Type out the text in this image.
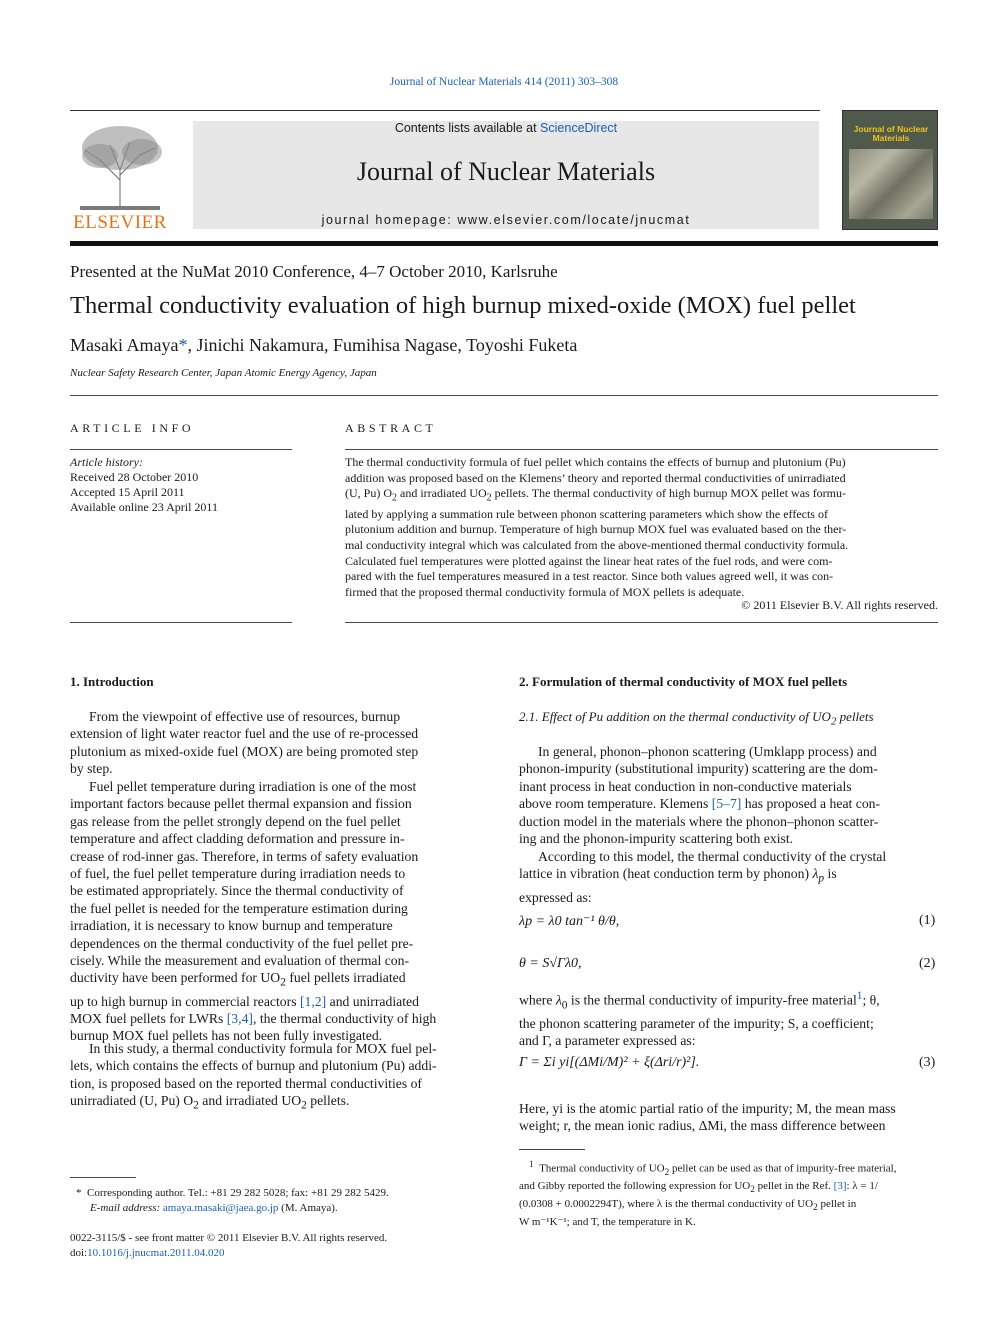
Journal of Nuclear Materials 414 (2011) 303–308
ELSEVIER
Contents lists available at ScienceDirect
Journal of Nuclear Materials
journal homepage: www.elsevier.com/locate/jnucmat
Journal of Nuclear Materials
Presented at the NuMat 2010 Conference, 4–7 October 2010, Karlsruhe
Thermal conductivity evaluation of high burnup mixed-oxide (MOX) fuel pellet
Masaki Amaya*, Jinichi Nakamura, Fumihisa Nagase, Toyoshi Fuketa
Nuclear Safety Research Center, Japan Atomic Energy Agency, Japan
ARTICLE INFO
Article history:
Received 28 October 2010
Accepted 15 April 2011
Available online 23 April 2011
ABSTRACT
The thermal conductivity formula of fuel pellet which contains the effects of burnup and plutonium (Pu)
addition was proposed based on the Klemens’ theory and reported thermal conductivities of unirradiated
(U, Pu) $O_2$ and irradiated $UO_2$ pellets. The thermal conductivity of high burnup MOX pellet was formu-
lated by applying a summation rule between phonon scattering parameters which show the effects of
plutonium addition and burnup. Temperature of high burnup MOX fuel was evaluated based on the ther-
mal conductivity integral which was calculated from the above-mentioned thermal conductivity formula.
Calculated fuel temperatures were plotted against the linear heat rates of the fuel rods, and were com-
pared with the fuel temperatures measured in a test reactor. Since both values agreed well, it was con-
firmed that the proposed thermal conductivity formula of MOX pellets is adequate.
© 2011 Elsevier B.V. All rights reserved.
1. Introduction
From the viewpoint of effective use of resources, burnup
extension of light water reactor fuel and the use of re-processed
plutonium as mixed-oxide fuel (MOX) are being promoted step
by step.
Fuel pellet temperature during irradiation is one of the most
important factors because pellet thermal expansion and fission
gas release from the pellet strongly depend on the fuel pellet
temperature and affect cladding deformation and pressure in-
crease of rod-inner gas. Therefore, in terms of safety evaluation
of fuel, the fuel pellet temperature during irradiation needs to
be estimated appropriately. Since the thermal conductivity of
the fuel pellet is needed for the temperature estimation during
irradiation, it is necessary to know burnup and temperature
dependences on the thermal conductivity of the fuel pellet pre-
cisely. While the measurement and evaluation of thermal con-
ductivity have been performed for $UO_2$ fuel pellets irradiated
up to high burnup in commercial reactors [1,2] and unirradiated
MOX fuel pellets for LWRs [3,4], the thermal conductivity of high
burnup MOX fuel pellets has not been fully investigated.
In this study, a thermal conductivity formula for MOX fuel pel-
lets, which contains the effects of burnup and plutonium (Pu) addi-
tion, is proposed based on the reported thermal conductivities of
unirradiated (U, Pu) $O_2$ and irradiated $UO_2$ pellets.
* Corresponding author. Tel.: +81 29 282 5028; fax: +81 29 282 5429.
E-mail address: amaya.masaki@jaea.go.jp (M. Amaya).
0022-3115/$ - see front matter © 2011 Elsevier B.V. All rights reserved.
doi:10.1016/j.jnucmat.2011.04.020
2. Formulation of thermal conductivity of MOX fuel pellets
2.1. Effect of Pu addition on the thermal conductivity of $UO_2$ pellets
In general, phonon–phonon scattering (Umklapp process) and
phonon-impurity (substitutional impurity) scattering are the dom-
inant process in heat conduction in non-conductive materials
above room temperature. Klemens [5–7] has proposed a heat con-
duction model in the materials where the phonon–phonon scatter-
ing and the phonon-impurity scattering both exist.
According to this model, the thermal conductivity of the crystal
lattice in vibration (heat conduction term by phonon) $\lambda_p$ is
expressed as:
λp = λ0 tan⁻¹ θ/θ,	(1)
θ = S√Γλ0,	(2)
where $\lambda_0$ is the thermal conductivity of impurity-free material$^1$; θ,
the phonon scattering parameter of the impurity; S, a coefficient;
and Γ, a parameter expressed as:
Γ = Σi yi[(ΔMi/M)² + ξ(Δri/r)²].	(3)
Here, yi is the atomic partial ratio of the impurity; M, the mean mass
weight; r, the mean ionic radius, ΔMi, the mass difference between
$^1$ Thermal conductivity of $UO_2$ pellet can be used as that of impurity-free material,
and Gibby reported the following expression for $UO_2$ pellet in the Ref. [3]: λ = 1/
(0.0308 + 0.0002294T), where λ is the thermal conductivity of $UO_2$ pellet in
W m⁻¹K⁻¹; and T, the temperature in K.
